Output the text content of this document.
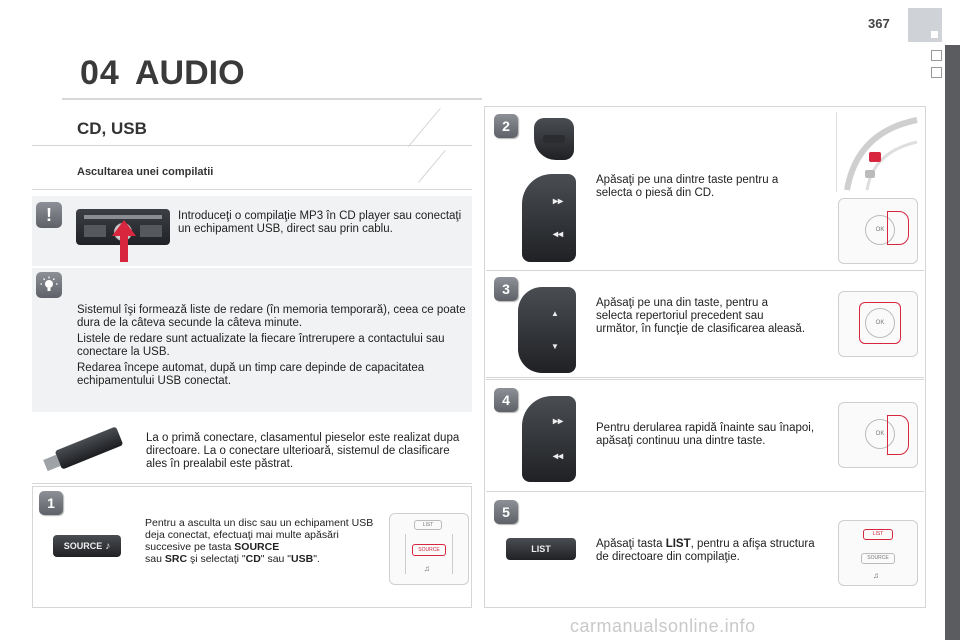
04 AUDIO
367
CD, USB
Ascultarea unei compilatii
!	Introduceţi o compilaţie MP3 în CD player sau conectaţi un echipament USB, direct sau prin cablu.

Sistemul îşi formează liste de redare (în memoria temporară), ceea ce poate dura de la câteva secunde la câteva minute.

Listele de redare sunt actualizate la fiecare întrerupere a contactului sau conectare la USB.

Redarea începe automat, după un timp care depinde de capacitatea echipamentului USB conectat.

La o primă conectare, clasamentul pieselor este realizat dupa directoare. La o conectare ulterioară, sistemul de clasificare ales în prealabil este păstrat.
1
SOURCE ♪
Pentru a asculta un disc sau un echipament USB deja conectat, efectuaţi mai multe apăsări succesive pe tasta SOURCE
sau SRC şi selectaţi "CD" sau "USB".
LIST
SOURCE
♫
2
▸▸
◂◂
Apăsaţi pe una dintre taste pentru a selecta o piesă din CD.
OK
3
▲
▼
Apăsaţi pe una din taste, pentru a selecta repertoriul precedent sau următor, în funcţie de clasificarea aleasă.	OK
4
▸▸
◂◂
Pentru derularea rapidă înainte sau înapoi, apăsaţi continuu una dintre taste.
OK
5
LIST	Apăsaţi tasta LIST, pentru a afişa structura de directoare din compilaţie.
LIST
SOURCE
♫
carmanualsonline.info
